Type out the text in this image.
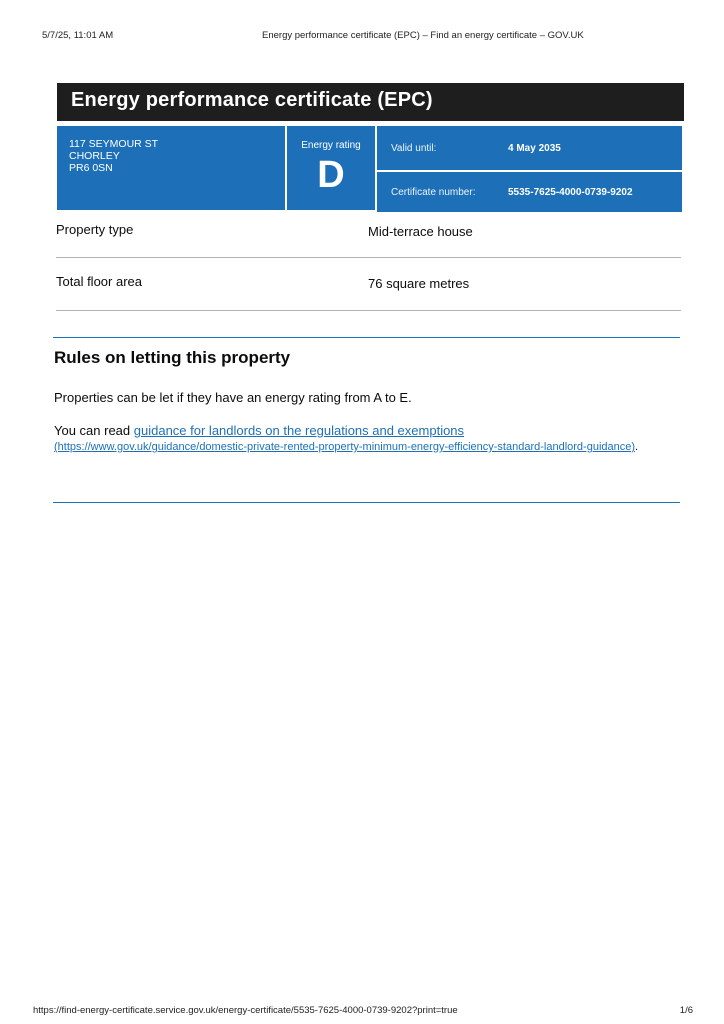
5/7/25, 11:01 AM	Energy performance certificate (EPC) – Find an energy certificate – GOV.UK
Energy performance certificate (EPC)
117 SEYMOUR ST
CHORLEY
PR6 0SN
Energy rating
D
Valid until:	4 May 2035
Certificate number:	5535-7625-4000-0739-9202
Property type	Mid-terrace house
Total floor area	76 square metres
Rules on letting this property
Properties can be let if they have an energy rating from A to E.
You can read guidance for landlords on the regulations and exemptions
(https://www.gov.uk/guidance/domestic-private-rented-property-minimum-energy-efficiency-standard-landlord-guidance).
https://find-energy-certificate.service.gov.uk/energy-certificate/5535-7625-4000-0739-9202?print=true	1/6
